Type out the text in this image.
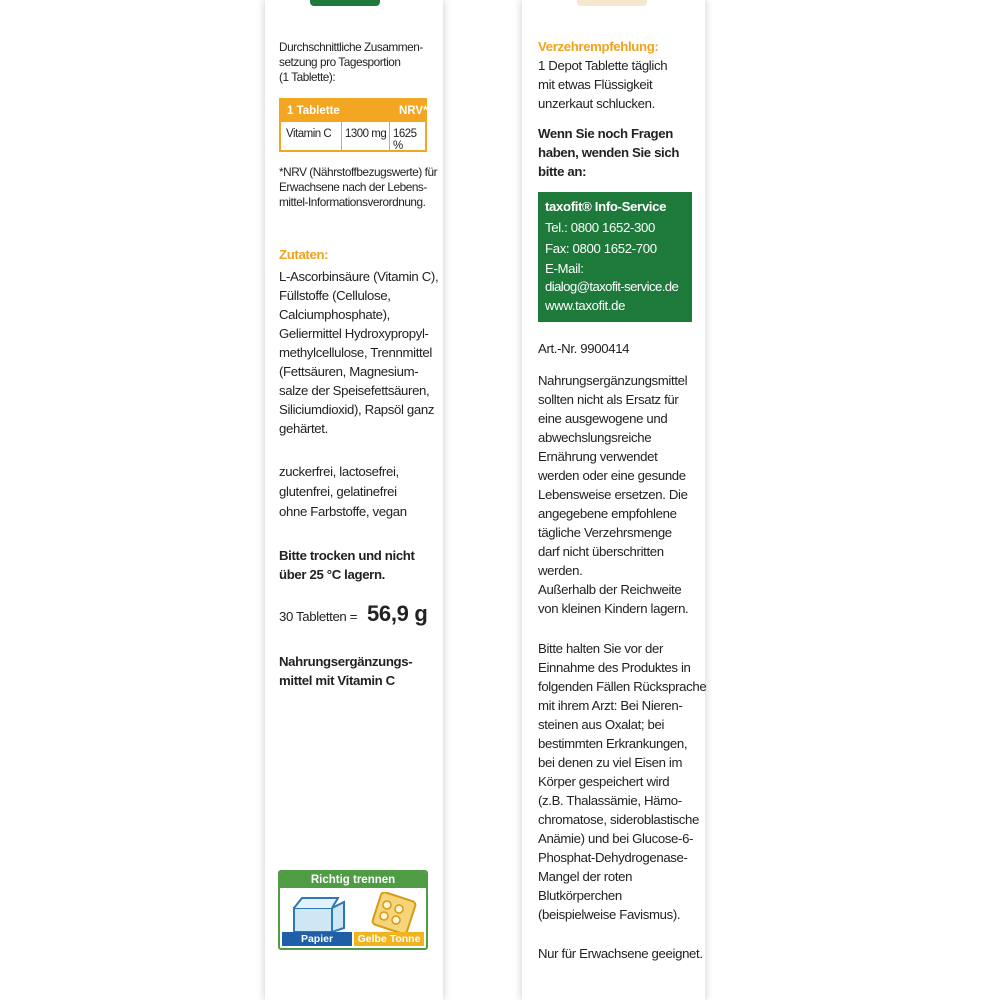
Durchschnittliche Zusammen-
setzung pro Tagesportion
(1 Tablette):
1 Tablette	NRV*
Vitamin C 1300 mg 1625 %
*NRV (Nährstoffbezugswerte) für
Erwachsene nach der Lebens-
mittel-Informationsverordnung.
Zutaten:
L-Ascorbinsäure (Vitamin C),
Füllstoffe (Cellulose,
Calciumphosphate),
Geliermittel Hydroxypropyl-
methylcellulose, Trennmittel
(Fettsäuren, Magnesium-
salze der Speisefettsäuren,
Siliciumdioxid), Rapsöl ganz
gehärtet.
zuckerfrei, lactosefrei,
glutenfrei, gelatinefrei
ohne Farbstoffe, vegan
Bitte trocken und nicht
über 25 °C lagern.
30 Tabletten = 56,9 g
Nahrungsergänzungs-
mittel mit Vitamin C
Richtig trennen
Papier	Gelbe Tonne
Verzehrempfehlung:
1 Depot Tablette täglich
mit etwas Flüssigkeit
unzerkaut schlucken.
Wenn Sie noch Fragen
haben, wenden Sie sich
bitte an:
taxofit® Info-Service
Tel.: 0800 1652-300
Fax: 0800 1652-700
E-Mail:
dialog@taxofit-service.de
www.taxofit.de
Art.-Nr. 9900414
Nahrungsergänzungsmittel
sollten nicht als Ersatz für
eine ausgewogene und
abwechslungsreiche
Ernährung verwendet
werden oder eine gesunde
Lebensweise ersetzen. Die
angegebene empfohlene
tägliche Verzehrsmenge
darf nicht überschritten
werden.
Außerhalb der Reichweite
von kleinen Kindern lagern.
Bitte halten Sie vor der
Einnahme des Produktes in
folgenden Fällen Rücksprache
mit ihrem Arzt: Bei Nieren-
steinen aus Oxalat; bei
bestimmten Erkrankungen,
bei denen zu viel Eisen im
Körper gespeichert wird
(z.B. Thalassämie, Hämo-
chromatose, sideroblastische
Anämie) und bei Glucose-6-
Phosphat-Dehydrogenase-
Mangel der roten
Blutkörperchen
(beispielweise Favismus).
Nur für Erwachsene geeignet.
